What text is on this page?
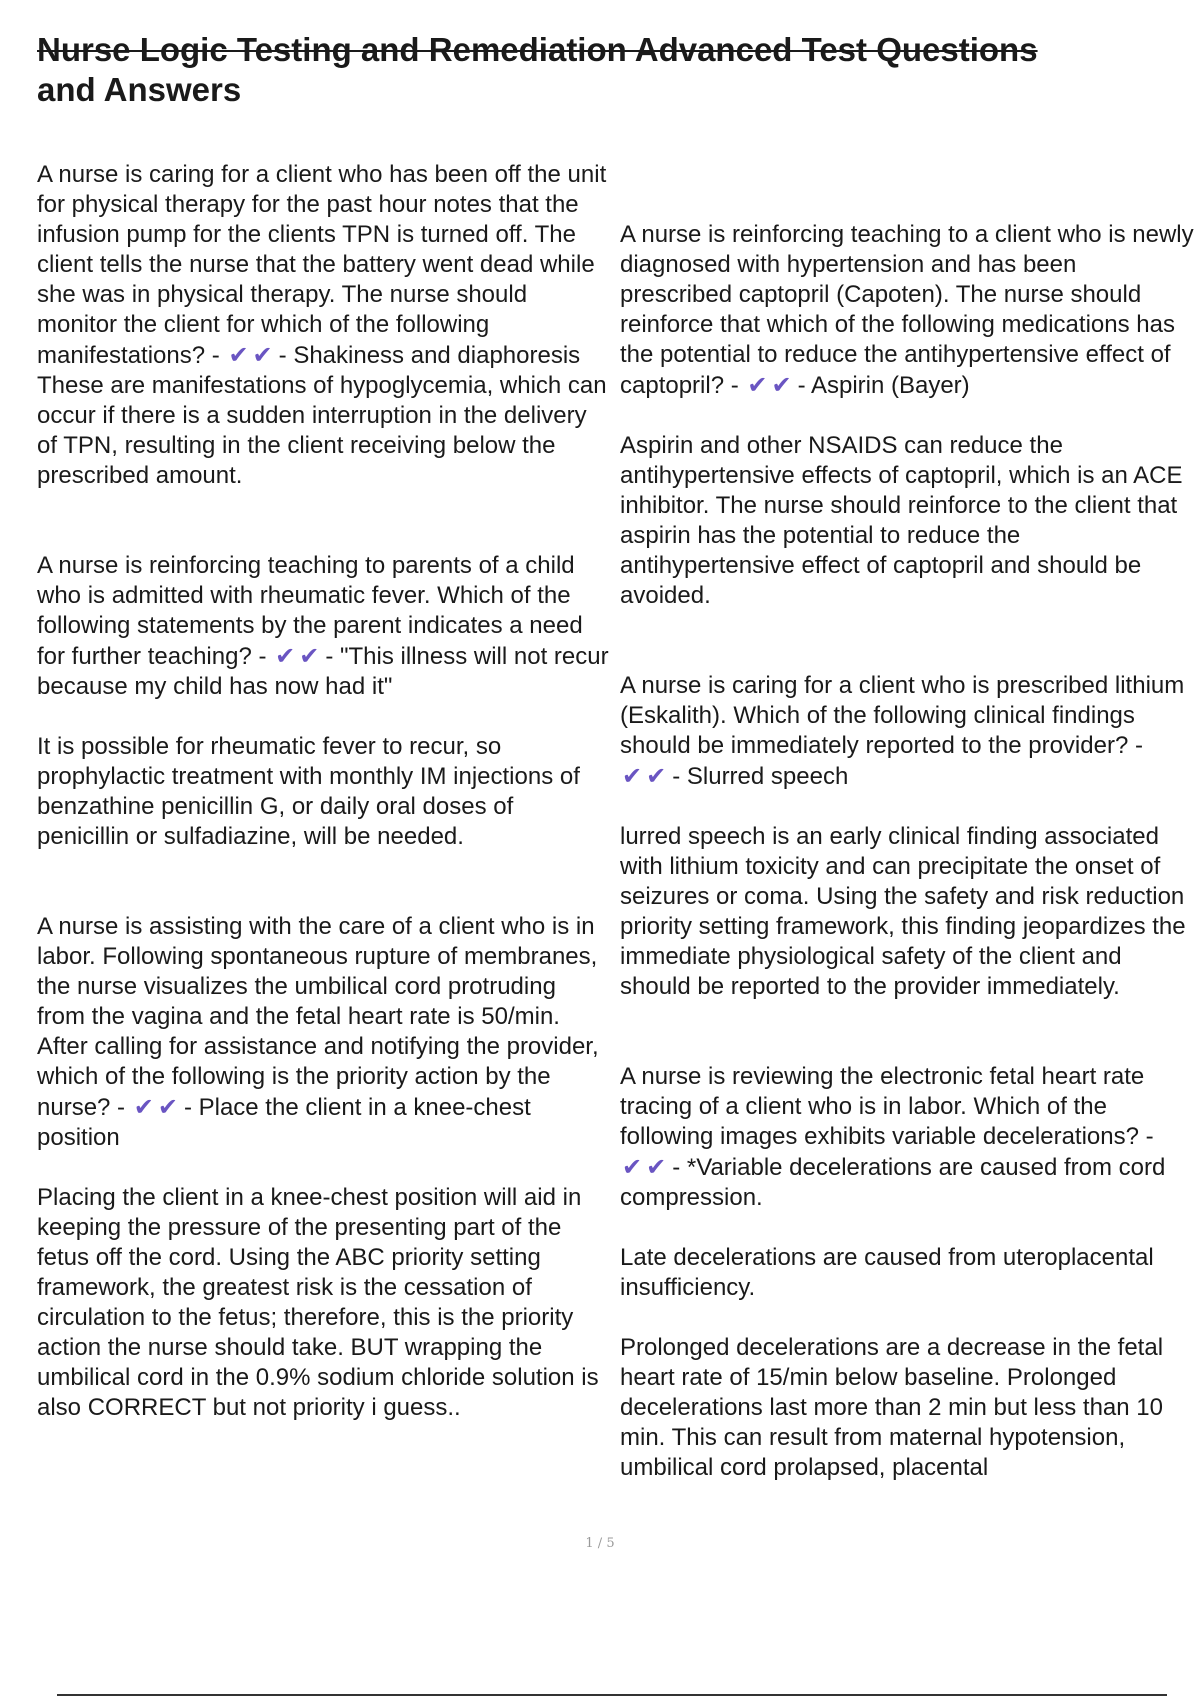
Nurse Logic Testing and Remediation Advanced Test Questions
and Answers

A nurse is caring for a client who has been off the unit for physical therapy for the past hour notes that the infusion pump for the clients TPN is turned off. The client tells the nurse that the battery went dead while she was in physical therapy. The nurse should monitor the client for which of the following manifestations? - ✔✔- Shakiness and diaphoresis

These are manifestations of hypoglycemia, which can occur if there is a sudden interruption in the delivery of TPN, resulting in the client receiving below the prescribed amount.

A nurse is reinforcing teaching to parents of a child who is admitted with rheumatic fever. Which of the following statements by the parent indicates a need for further teaching? - ✔✔- "This illness will not recur because my child has now had it"

It is possible for rheumatic fever to recur, so prophylactic treatment with monthly IM injections of benzathine penicillin G, or daily oral doses of penicillin or sulfadiazine, will be needed.

A nurse is assisting with the care of a client who is in labor. Following spontaneous rupture of membranes, the nurse visualizes the umbilical cord protruding from the vagina and the fetal heart rate is 50/min. After calling for assistance and notifying the provider, which of the following is the priority action by the nurse? - ✔✔- Place the client in a knee-chest position

Placing the client in a knee-chest position will aid in keeping the pressure of the presenting part of the fetus off the cord. Using the ABC priority setting framework, the greatest risk is the cessation of circulation to the fetus; therefore, this is the priority action the nurse should take. BUT wrapping the umbilical cord in the 0.9% sodium chloride solution is also CORRECT but not priority i guess..

A nurse is reinforcing teaching to a client who is newly diagnosed with hypertension and has been prescribed captopril (Capoten). The nurse should reinforce that which of the following medications has the potential to reduce the antihypertensive effect of captopril? - ✔✔- Aspirin (Bayer)

Aspirin and other NSAIDS can reduce the antihypertensive effects of captopril, which is an ACE inhibitor. The nurse should reinforce to the client that aspirin has the potential to reduce the antihypertensive effect of captopril and should be avoided.

A nurse is caring for a client who is prescribed lithium (Eskalith). Which of the following clinical findings should be immediately reported to the provider? - ✔✔- Slurred speech

lurred speech is an early clinical finding associated with lithium toxicity and can precipitate the onset of seizures or coma. Using the safety and risk reduction priority setting framework, this finding jeopardizes the immediate physiological safety of the client and should be reported to the provider immediately.

A nurse is reviewing the electronic fetal heart rate tracing of a client who is in labor. Which of the following images exhibits variable decelerations? - ✔✔- *Variable decelerations are caused from cord compression.

Late decelerations are caused from uteroplacental insufficiency.

Prolonged decelerations are a decrease in the fetal heart rate of 15/min below baseline. Prolonged decelerations last more than 2 min but less than 10 min. This can result from maternal hypotension, umbilical cord prolapsed, placental

1 / 5
